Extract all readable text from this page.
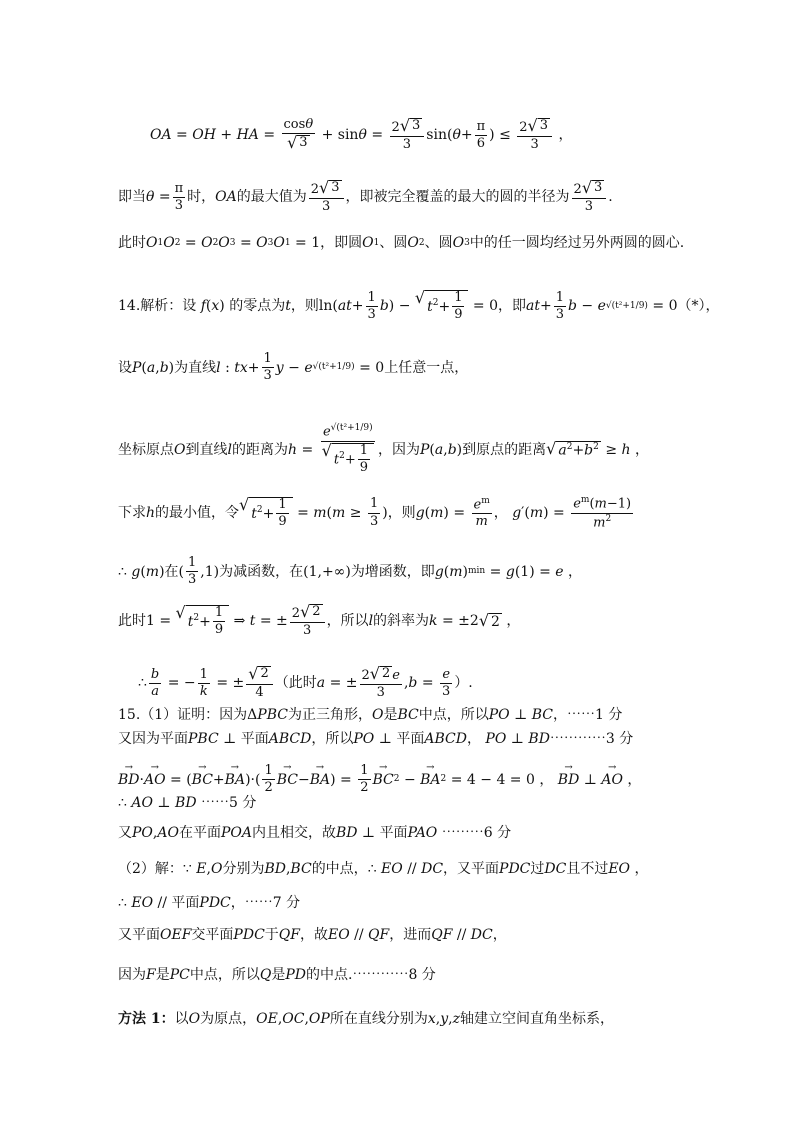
OA = OH + HA = $\frac{\cos\theta}{√ 3} + \sin \theta = \frac{2 √ 3}{3} \sin$( $\theta + \frac{\pi}{6}$ ) ≤ $\frac{2 √ 3}{3}$ ，
即当 $\theta = \frac{\pi}{3}$ 时， OA 的最大值为 $\frac{2 √ 3}{3}$ ，即被完全覆盖的最大的圆的半径为 $\frac{2 √ 3}{3}$ .
此时 O 1 O 2 = O 2 O 3 = O 3 O 1 = 1 ，即圆 O 1 、圆 O 2 、圆 O 3 中的任一圆均经过另外两圆的圆心.
14.解析：设
f ( x ) 的零点为 t ，则 ln( at + $\frac{1}{3}$ b ) − √ $t^2+ \frac{1}{9} = 0$ ，即 at + $\frac{1}{3}$ b − e √(t²+1/9) = 0 （*），
设 P ( a , b ) 为直线 l : tx + $\frac{1}{3}$ y − e √(t²+1/9) = 0 上任意一点，
坐标原点 O 到直线 l 的距离为 $h = \frac{e^{√(t^2+1/9)}}{√ t^2+ \frac{1}{9}}$ ，因为 P ( a , b ) 到原点的距离 √ $a^2+b^2 \ge h$ ，
下求 h 的最小值，令 √ $t^2+ \frac{1}{9} = m$ ( $m \ge \frac{1}{3}$ ) ，则 g ( m ) = $\frac{e^m}{m}$ ，
g ′( m ) = $\frac{e^m(m-1)}{m^2}$
∴ g ( m ) 在 ( $\frac{1}{3} ,1$) 为减函数，在 (1,+∞) 为增函数，即 g ( m ) min = g (1) = e ，
此时 1 = √ $t^2+ \frac{1}{9}$ ⇒ t = ± $\frac{2 √ 2}{3}$ ，所以 l 的斜率为 k = ±2 √ 2 ，
∴ $\frac{b}{a}$ = − $\frac{1}{k}$ = ± $\frac{√ 2}{4}$ （此时 a = ± $\frac{2 √ 2 e}{3}$ , $b = \frac{e}{3}$ ）.
15.（1）证明：因为 Δ PBC 为正三角形， O 是 BC 中点，所以 PO ⊥ BC ，⋯⋯1 分
又因为平面 PBC ⊥ 平面 ABCD ，所以 PO ⊥ 平面 ABCD ，
PO ⊥ BD ⋯⋯⋯⋯3 分
→ BD · → AO = ( → BC + → BA )·( $\frac{1}{2}$ → BC − → BA ) = $\frac{1}{2}$ → BC 2 − → BA 2 = 4 − 4 = 0 ， → BD ⊥ → AO ，
∴ AO ⊥ BD
⋯⋯5 分
又 PO , AO 在平面 POA 内且相交，故 BD ⊥ 平面 PAO
⋯⋯⋯6 分
（2）解： ∵ E , O 分别为 BD , BC 的中点， ∴ EO // DC ，又平面 PDC 过 DC 且不过 EO ，
∴ EO // 平面 PDC ，⋯⋯7 分
又平面 OEF 交平面 PDC 于 QF ，故 EO // QF ，进而 QF // DC ，
因为 F 是 PC 中点，所以 Q 是 PD 的中点.⋯⋯⋯⋯8 分
方法 1： 以 O 为原点， OE , OC , OP 所在直线分别为 x , y , z 轴建立空间直角坐标系，
